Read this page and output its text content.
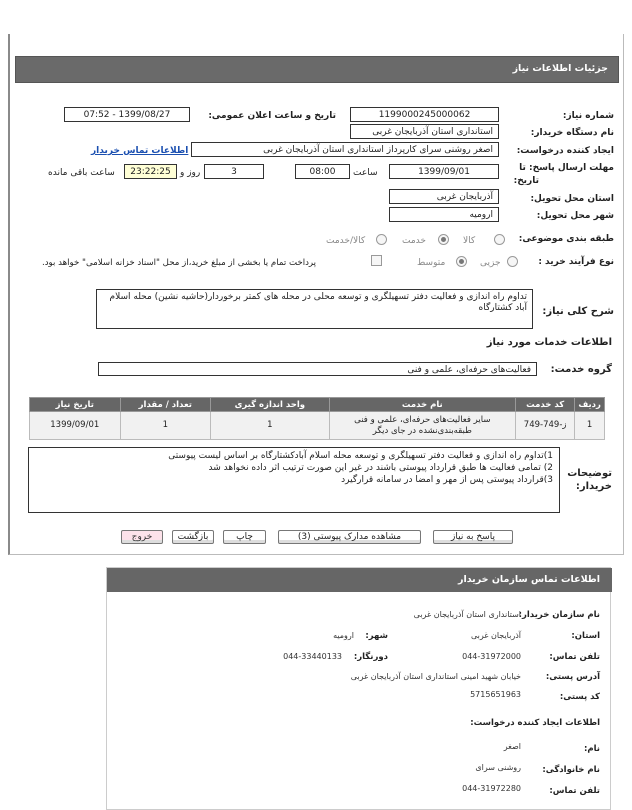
جزئیات اطلاعات نیاز
شماره نیاز:
1199000245000062
تاریخ و ساعت اعلان عمومی:
1399/08/27 - 07:52
نام دستگاه خریدار:
استانداری استان آذربایجان غربی
ایجاد کننده درخواست:
اصغر روشنی سرای کارپرداز استانداری استان آذربایجان غربی
اطلاعات تماس خریدار
مهلت ارسال پاسخ: تا
تاریخ:
1399/09/01
ساعت
08:00
3
روز و
23:22:25
ساعت باقی مانده
استان محل تحویل:
آذربایجان غربی
شهر محل تحویل:
ارومیه
طبقه بندی موضوعی:
کالا
خدمت
کالا/خدمت
نوع فرآیند خرید :
جزیی
متوسط
پرداخت تمام یا بخشی از مبلغ خرید،از محل "اسناد خزانه اسلامی" خواهد بود.
شرح کلی نیاز:
تداوم راه اندازی و فعالیت دفتر تسهیلگری و توسعه محلی در محله های کمتر برخوردار(حاشیه نشین) محله اسلام آباد کشتارگاه
اطلاعات خدمات مورد نیاز
گروه خدمت:
فعالیت‌های حرفه‌ای، علمی و فنی
ردیف	کد خدمت	نام خدمت	واحد اندازه گیری	تعداد / مقدار	تاریخ نیاز
1	ز-749-749	سایر فعالیت‌های حرفه‌ای، علمی و فنی طبقه‌بندی‌نشده در جای دیگر	1	1	1399/09/01
توضیحات
خریدار:
1)تداوم راه اندازی و فعالیت دفتر تسهیلگری و توسعه محله اسلام آبادکشتارگاه بر اساس لیست پیوستی
2) تمامی فعالیت ها طبق قرارداد پیوستی باشند در غیر این صورت ترتیب اثر داده نخواهد شد
3)قرارداد پیوستی پس از مهر و امضا در سامانه قرارگیرد
پاسخ به نیاز
مشاهده مدارک پیوستی (3)
چاپ
بازگشت
خروج
اطلاعات تماس سازمان خریدار
نام سازمان خریدار:
استانداری استان آذربایجان غربی
استان:
آذربایجان غربی
شهر:
ارومیه
تلفن تماس:
044-31972000
دورنگار:
044-33440133
آدرس پستی:
خیابان شهید امینی استانداری استان آذربایجان غربی
کد پستی:
5715651963
اطلاعات ایجاد کننده درخواست:
نام:
اصغر
نام خانوادگی:
روشنی سرای
تلفن تماس:
044-31972280
